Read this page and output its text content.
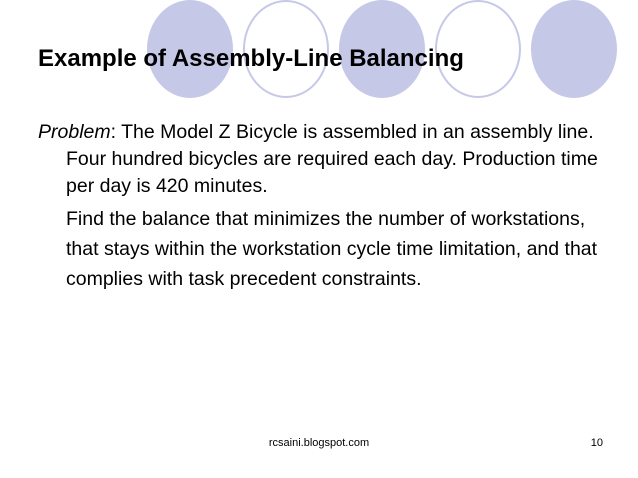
Example of Assembly-Line Balancing

Problem: The Model Z Bicycle is assembled in an assembly line. Four hundred bicycles are required each day. Production time per day is 420 minutes.

Find the balance that minimizes the number of workstations, that stays within the workstation cycle time limitation, and that complies with task precedent constraints.

rcsaini.blogspot.com	10
